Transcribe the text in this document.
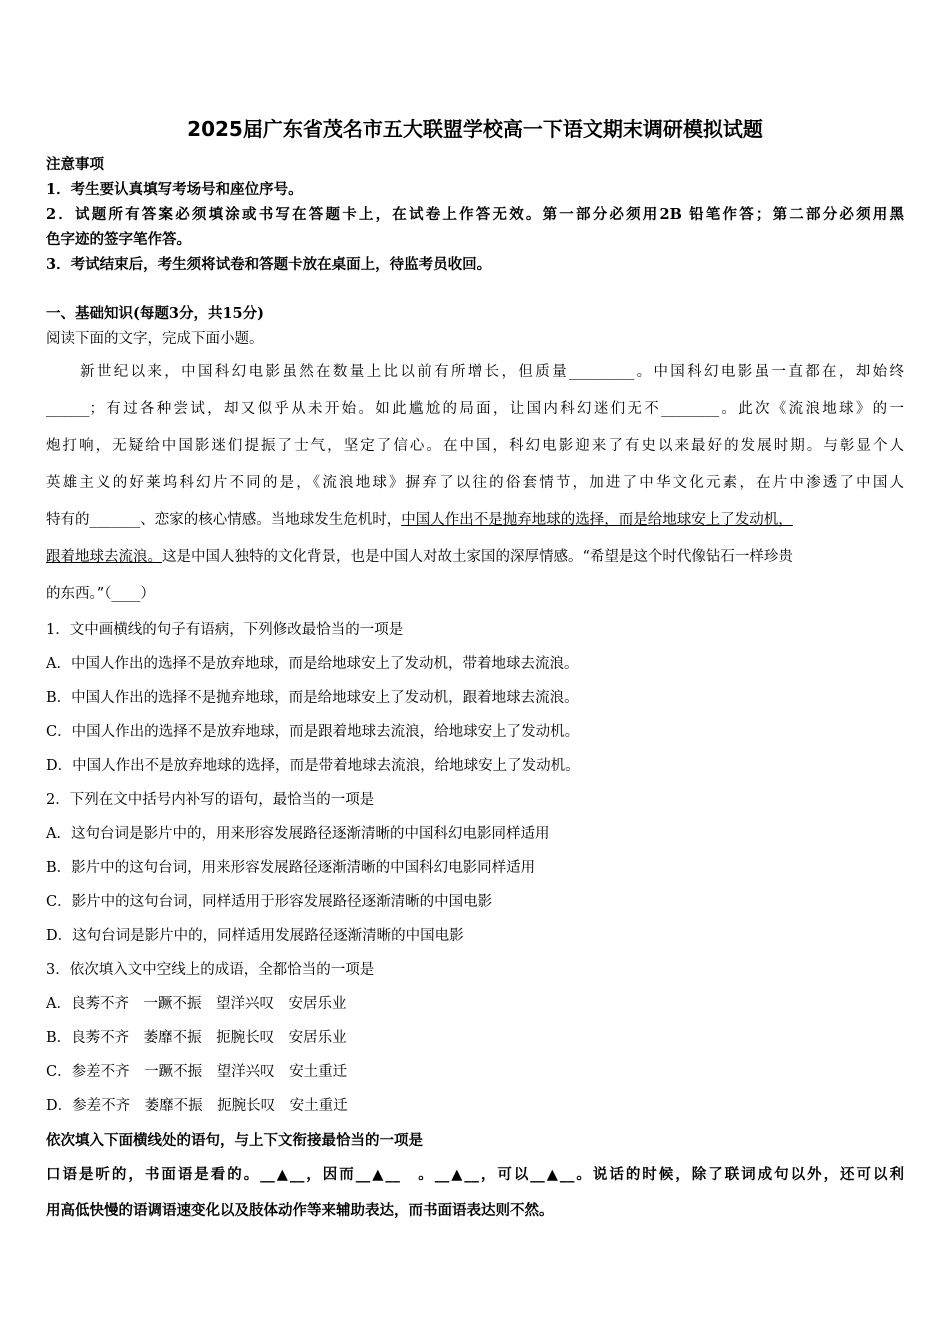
2025届广东省茂名市五大联盟学校高一下语文期末调研模拟试题
注意事项
1．考生要认真填写考场号和座位序号。
2．试题所有答案必须填涂或书写在答题卡上，在试卷上作答无效。第一部分必须用2B 铅笔作答；第二部分必须用黑
色字迹的签字笔作答。
3．考试结束后，考生须将试卷和答题卡放在桌面上，待监考员收回。
一、基础知识(每题3分，共15分)
阅读下面的文字，完成下面小题。
新世纪以来，中国科幻电影虽然在数量上比以前有所增长，但质量_________。中国科幻电影虽一直都在，却始终
______；有过各种尝试，却又似乎从未开始。如此尴尬的局面，让国内科幻迷们无不________。此次《流浪地球》的一
炮打响，无疑给中国影迷们提振了士气，坚定了信心。在中国，科幻电影迎来了有史以来最好的发展时期。与彰显个人
英雄主义的好莱坞科幻片不同的是，《流浪地球》摒弃了以往的俗套情节，加进了中华文化元素，在片中渗透了中国人
特有的_______、恋家的核心情感。当地球发生危机时，中国人作出不是抛弃地球的选择，而是给地球安上了发动机，
跟着地球去流浪。这是中国人独特的文化背景，也是中国人对故土家国的深厚情感。“希望是这个时代像钻石一样珍贵
的东西。”（____）
1．文中画横线的句子有语病，下列修改最恰当的一项是
A．中国人作出的选择不是放弃地球，而是给地球安上了发动机，带着地球去流浪。
B．中国人作出的选择不是抛弃地球，而是给地球安上了发动机，跟着地球去流浪。
C．中国人作出的选择不是放弃地球，而是跟着地球去流浪，给地球安上了发动机。
D．中国人作出不是放弃地球的选择，而是带着地球去流浪，给地球安上了发动机。
2．下列在文中括号内补写的语句，最恰当的一项是
A．这句台词是影片中的，用来形容发展路径逐渐清晰的中国科幻电影同样适用
B．影片中的这句台词，用来形容发展路径逐渐清晰的中国科幻电影同样适用
C．影片中的这句台词，同样适用于形容发展路径逐渐清晰的中国电影
D．这句台词是影片中的，同样适用发展路径逐渐清晰的中国电影
3．依次填入文中空线上的成语，全都恰当的一项是
A．良莠不齐　一蹶不振　望洋兴叹　安居乐业
B．良莠不齐　萎靡不振　扼腕长叹　安居乐业
C．参差不齐　一蹶不振　望洋兴叹　安土重迁
D．参差不齐　萎靡不振　扼腕长叹　安土重迁
依次填入下面横线处的语句，与上下文衔接最恰当的一项是
口语是听的，书面语是看的。__▲__，因而__▲__　。__▲__，可以__▲__。说话的时候，除了联词成句以外，还可以利
用高低快慢的语调语速变化以及肢体动作等来辅助表达，而书面语表达则不然。
